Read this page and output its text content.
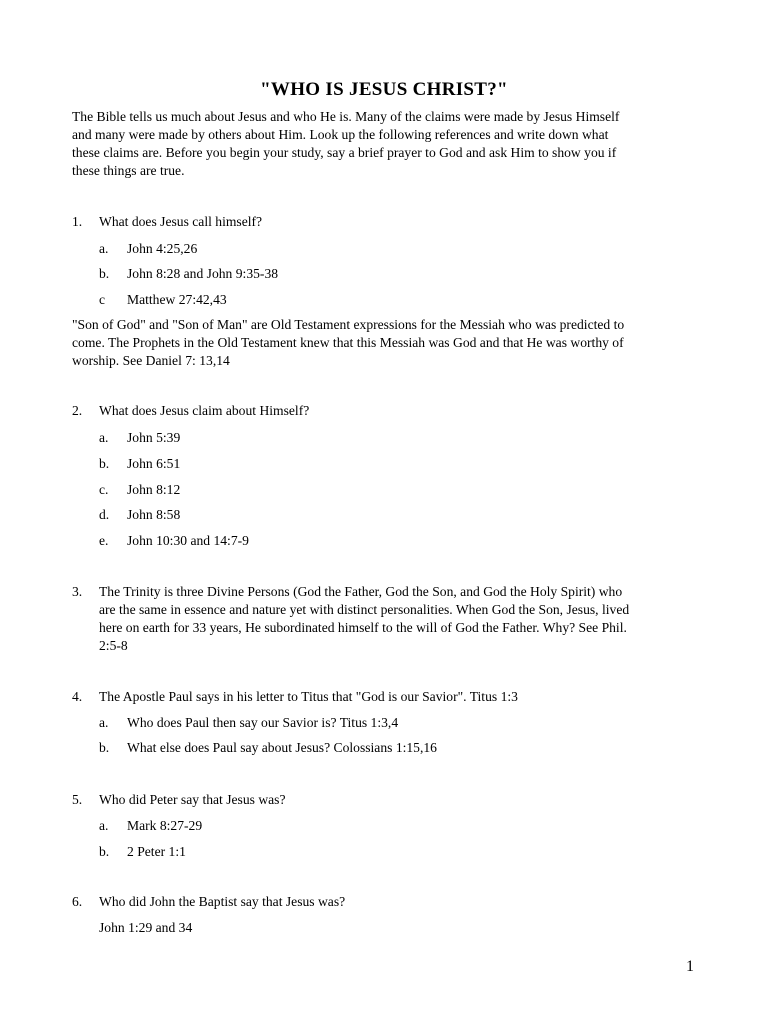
"WHO IS JESUS CHRIST?"

The Bible tells us much about Jesus and who He is. Many of the claims were made by Jesus Himself
and many were made by others about Him. Look up the following references and write down what
these claims are. Before you begin your study, say a brief prayer to God and ask Him to show you if
these things are true.

1. What does Jesus call himself?
a. John 4:25,26
b. John 8:28 and John 9:35-38
c Matthew 27:42,43

"Son of God" and "Son of Man" are Old Testament expressions for the Messiah who was predicted to
come. The Prophets in the Old Testament knew that this Messiah was God and that He was worthy of
worship. See Daniel 7: 13,14

2. What does Jesus claim about Himself?
a. John 5:39
b. John 6:51
c. John 8:12
d. John 8:58
e. John 10:30 and 14:7-9
3. The Trinity is three Divine Persons (God the Father, God the Son, and God the Holy Spirit) who
are the same in essence and nature yet with distinct personalities. When God the Son, Jesus, lived
here on earth for 33 years, He subordinated himself to the will of God the Father. Why? See Phil.
2:5-8
4. The Apostle Paul says in his letter to Titus that "God is our Savior". Titus 1:3
a. Who does Paul then say our Savior is? Titus 1:3,4
b. What else does Paul say about Jesus? Colossians 1:15,16
5. Who did Peter say that Jesus was?
a. Mark 8:27-29
b. 2 Peter 1:1
6. Who did John the Baptist say that Jesus was?
John 1:29 and 34
1
